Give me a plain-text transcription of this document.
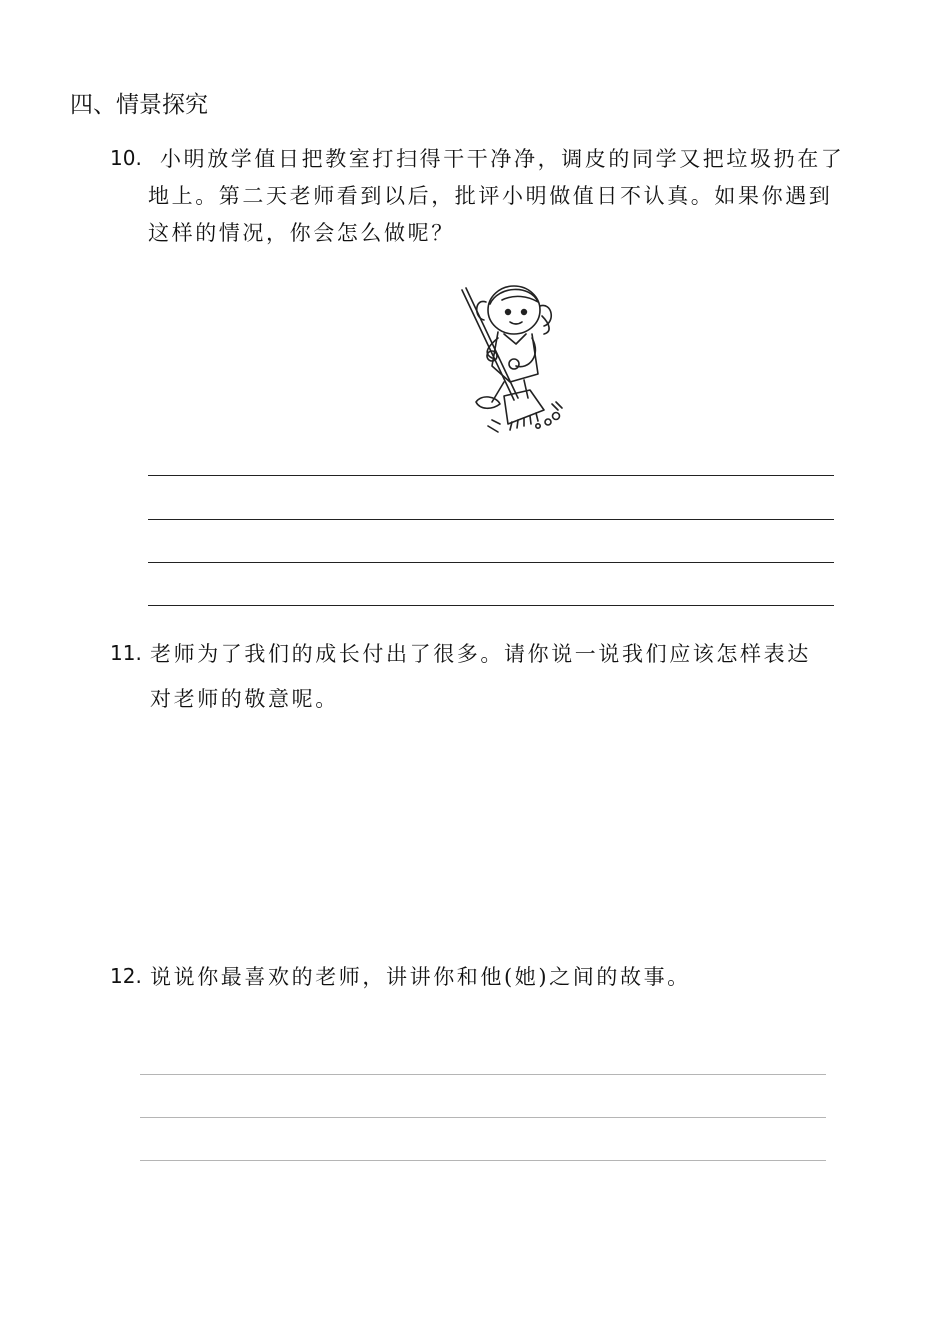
四、情景探究
10. 小明放学值日把教室打扫得干干净净，调皮的同学又把垃圾扔在了
地上。第二天老师看到以后，批评小明做值日不认真。如果你遇到
这样的情况，你会怎么做呢？
11. 老师为了我们的成长付出了很多。请你说一说我们应该怎样表达
对老师的敬意呢。
12. 说说你最喜欢的老师，讲讲你和他(她)之间的故事。
